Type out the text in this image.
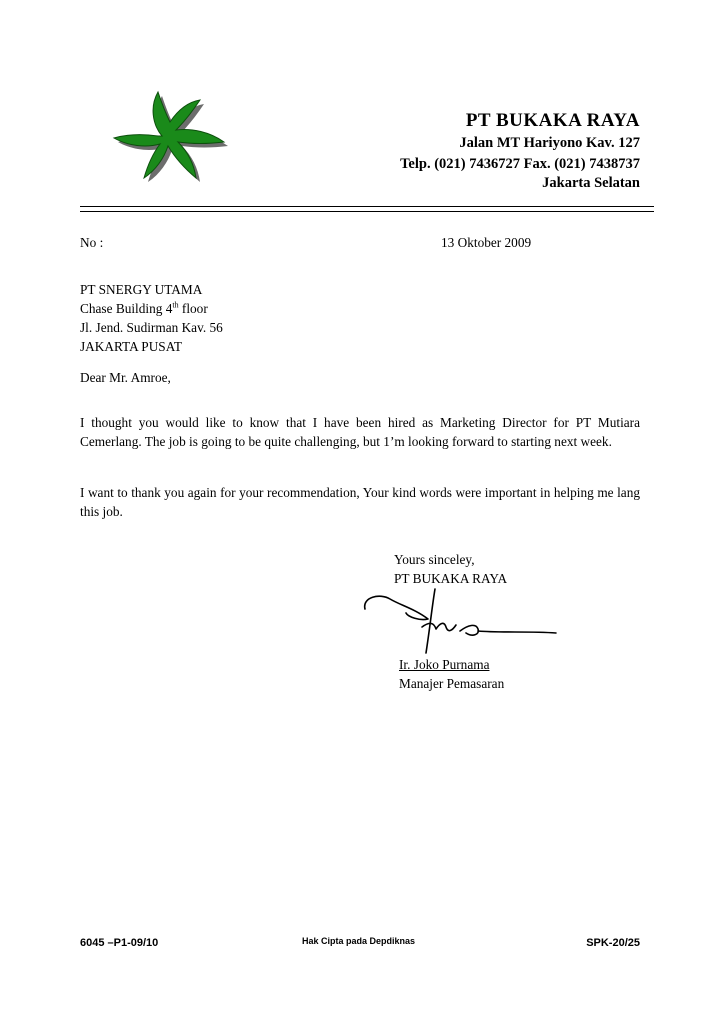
PT BUKAKA RAYA
Jalan MT Hariyono Kav. 127
Telp. (021) 7436727 Fax. (021) 7438737
Jakarta Selatan
No :	13 Oktober 2009
PT SNERGY UTAMA
Chase Building 4th floor
Jl. Jend. Sudirman Kav. 56
JAKARTA PUSAT
Dear Mr. Amroe,
I thought you would like to know that I have been hired as Marketing Director for PT Mutiara Cemerlang. The job is going to be quite challenging, but 1’m looking forward to starting next week.
I want to thank you again for your recommendation, Your kind words were important in helping me lang this job.
Yours sinceley,
PT BUKAKA RAYA
Ir. Joko Purnama
Manajer Pemasaran
6045 –P1-09/10	Hak Cipta pada Depdiknas	SPK-20/25
